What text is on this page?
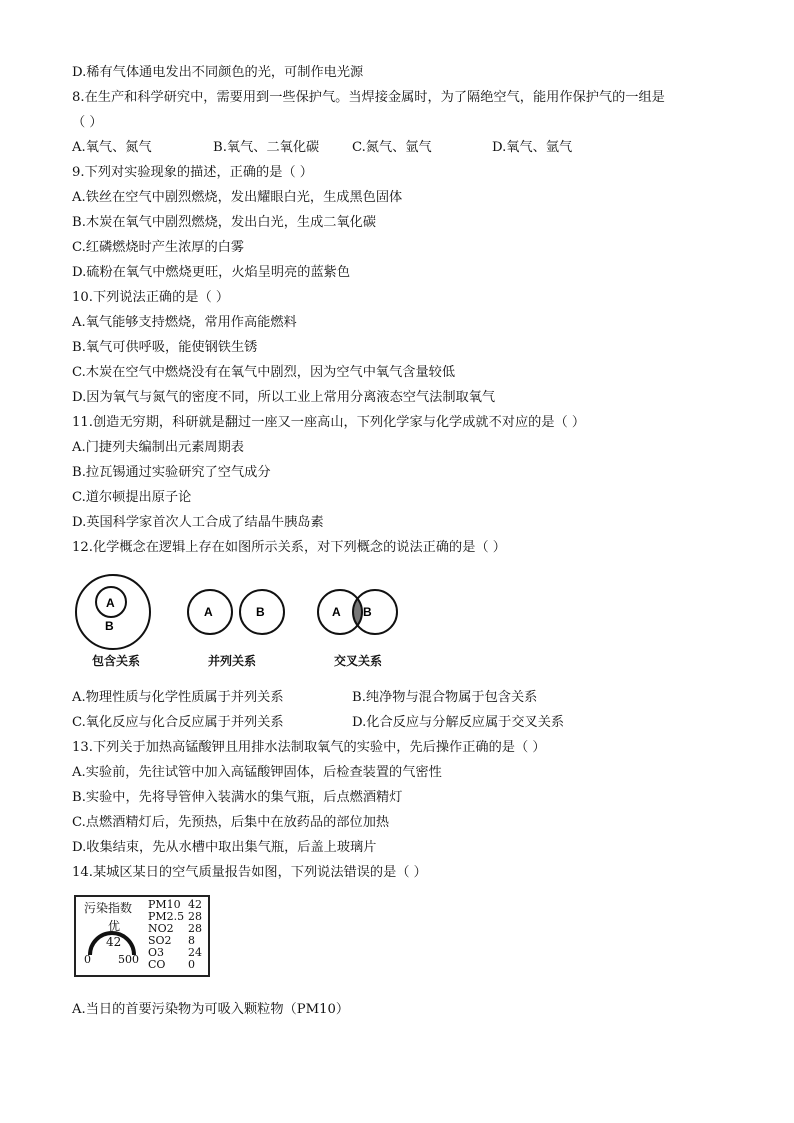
D.稀有气体通电发出不同颜色的光，可制作电光源
8.在生产和科学研究中，需要用到一些保护气。当焊接金属时，为了隔绝空气，能用作保护气的一组是
（ ）
A.氧气、氮气	B.氧气、二氧化碳 C.氮气、氩气	D.氧气、氩气
9.下列对实验现象的描述，正确的是（ ）
A.铁丝在空气中剧烈燃烧，发出耀眼白光，生成黑色固体
B.木炭在氧气中剧烈燃烧，发出白光，生成二氧化碳
C.红磷燃烧时产生浓厚的白雾
D.硫粉在氧气中燃烧更旺，火焰呈明亮的蓝紫色
10.下列说法正确的是（ ）
A.氧气能够支持燃烧，常用作高能燃料
B.氧气可供呼吸，能使钢铁生锈
C.木炭在空气中燃烧没有在氧气中剧烈，因为空气中氧气含量较低
D.因为氧气与氮气的密度不同，所以工业上常用分离液态空气法制取氧气
11.创造无穷期，科研就是翻过一座又一座高山，下列化学家与化学成就不对应的是（ ）
A.门捷列夫编制出元素周期表
B.拉瓦锡通过实验研究了空气成分
C.道尔顿提出原子论
D.英国科学家首次人工合成了结晶牛胰岛素
12.化学概念在逻辑上存在如图所示关系，对下列概念的说法正确的是（ ）
A
B
A	B	A B
包含关系	并列关系	交叉关系
A.物理性质与化学性质属于并列关系	B.纯净物与混合物属于包含关系
C.氧化反应与化合反应属于并列关系	D.化合反应与分解反应属于交叉关系
13.下列关于加热高锰酸钾且用排水法制取氧气的实验中，先后操作正确的是（ ）
A.实验前，先往试管中加入高锰酸钾固体，后检查装置的气密性
B.实验中，先将导管伸入装满水的集气瓶，后点燃酒精灯
C.点燃酒精灯后，先预热，后集中在放药品的部位加热
D.收集结束，先从水槽中取出集气瓶，后盖上玻璃片
14.某城区某日的空气质量报告如图，下列说法错误的是（ ）
污染指数
优
42
0 500
PM10 42
PM2.5 28
NO2 28
SO2 8
O3 24
CO 0
A.当日的首要污染物为可吸入颗粒物（PM10）
